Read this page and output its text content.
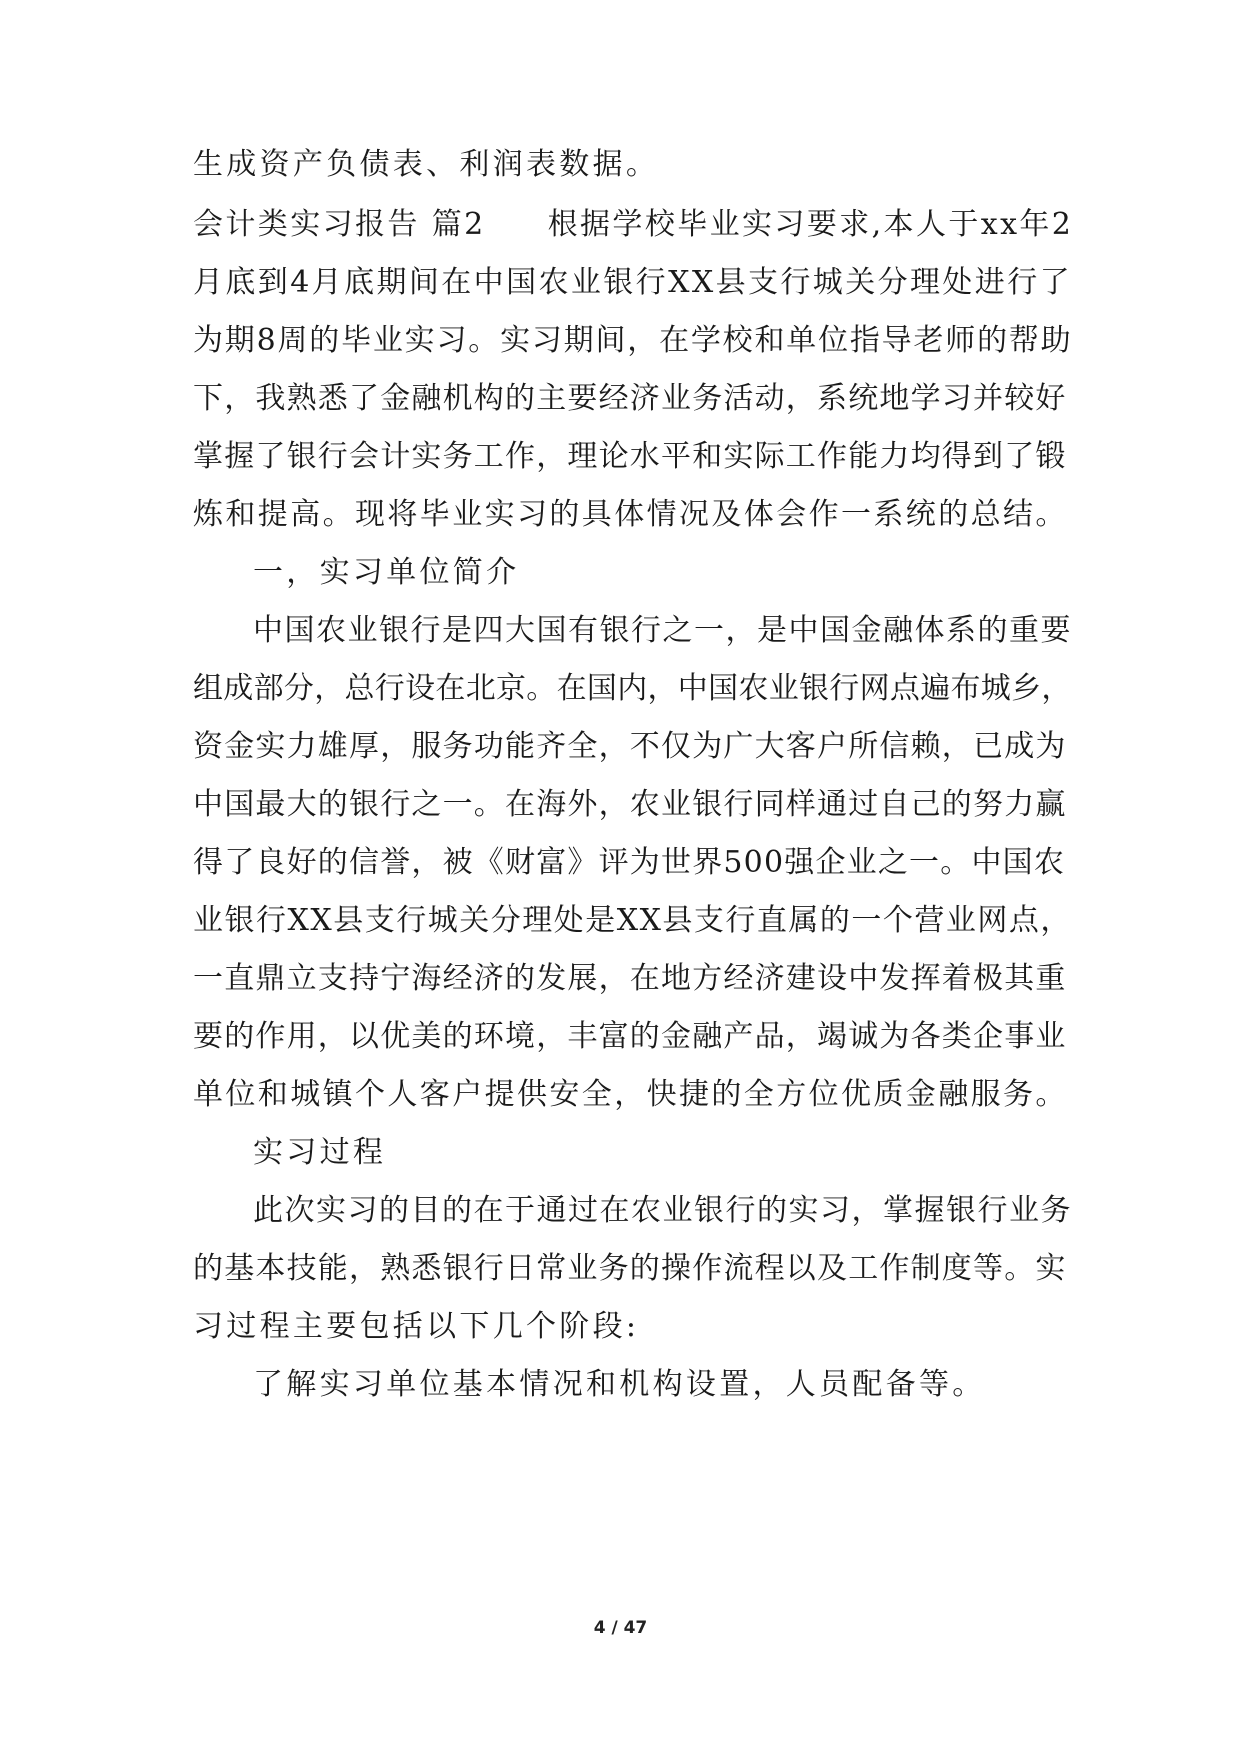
生成资产负债表、利润表数据。
会计类实习报告 篇2 根据学校毕业实习要求,本人于xx年2
月底到4月底期间在中国农业银行XX县支行城关分理处进行了
为期8周的毕业实习。实习期间，在学校和单位指导老师的帮助
下，我熟悉了金融机构的主要经济业务活动，系统地学习并较好
掌握了银行会计实务工作，理论水平和实际工作能力均得到了锻
炼和提高。现将毕业实习的具体情况及体会作一系统的总结。
一，实习单位简介
中国农业银行是四大国有银行之一，是中国金融体系的重要
组成部分，总行设在北京。在国内，中国农业银行网点遍布城乡，
资金实力雄厚，服务功能齐全，不仅为广大客户所信赖，已成为
中国最大的银行之一。在海外，农业银行同样通过自己的努力赢
得了良好的信誉，被《财富》评为世界500强企业之一。中国农
业银行XX县支行城关分理处是XX县支行直属的一个营业网点，
一直鼎立支持宁海经济的发展，在地方经济建设中发挥着极其重
要的作用，以优美的环境，丰富的金融产品，竭诚为各类企事业
单位和城镇个人客户提供安全，快捷的全方位优质金融服务。
实习过程
此次实习的目的在于通过在农业银行的实习，掌握银行业务
的基本技能，熟悉银行日常业务的操作流程以及工作制度等。实
习过程主要包括以下几个阶段:
了解实习单位基本情况和机构设置，人员配备等。
4 / 47
